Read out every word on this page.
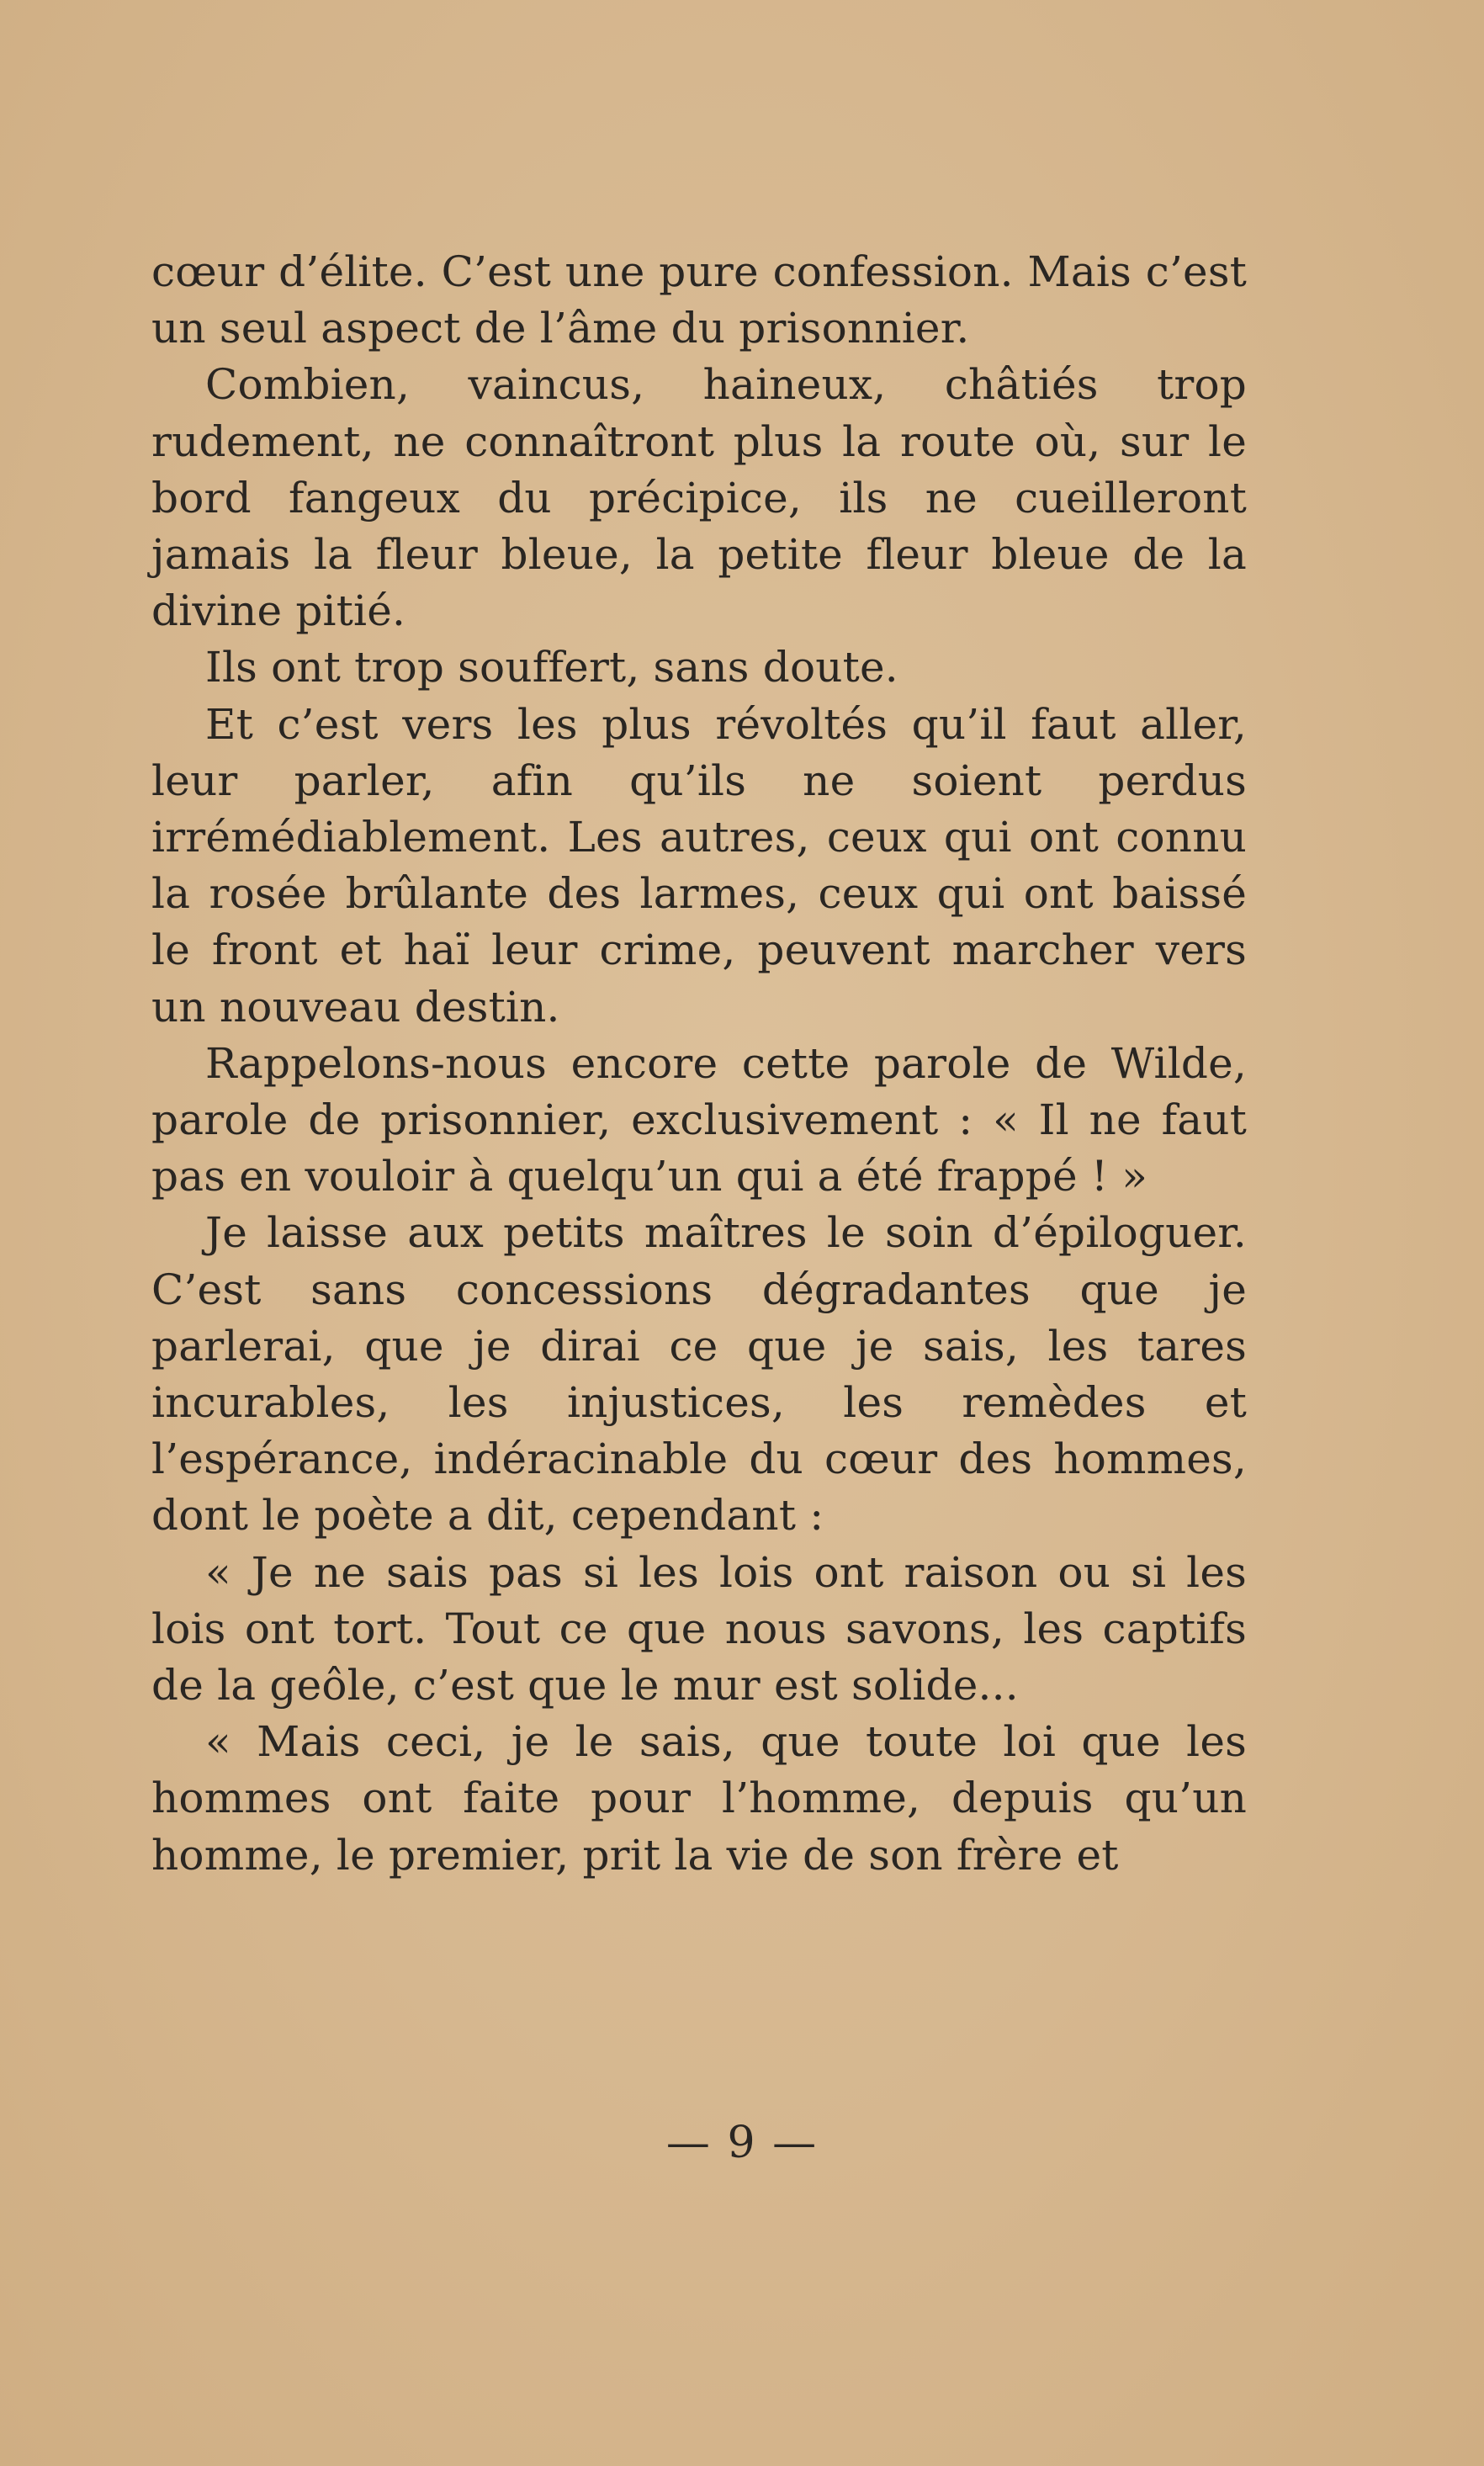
cœur d’élite. C’est une pure confession. Mais c’est un seul aspect de l’âme du prisonnier.

Combien, vaincus, haineux, châtiés trop rudement, ne connaîtront plus la route où, sur le bord fangeux du précipice, ils ne cueilleront jamais la fleur bleue, la petite fleur bleue de la divine pitié.

Ils ont trop souffert, sans doute.

Et c’est vers les plus révoltés qu’il faut aller, leur parler, afin qu’ils ne soient perdus irrémédiablement. Les autres, ceux qui ont connu la rosée brûlante des larmes, ceux qui ont baissé le front et haï leur crime, peuvent marcher vers un nouveau destin.

Rappelons-nous encore cette parole de Wilde, parole de prisonnier, exclusivement : « Il ne faut pas en vouloir à quelqu’un qui a été frappé ! »

Je laisse aux petits maîtres le soin d’épiloguer. C’est sans concessions dégradantes que je parlerai, que je dirai ce que je sais, les tares incurables, les injustices, les remèdes et l’espérance, indéracinable du cœur des hommes, dont le poète a dit, cependant :

« Je ne sais pas si les lois ont raison ou si les lois ont tort. Tout ce que nous savons, les captifs de la geôle, c’est que le mur est solide...

« Mais ceci, je le sais, que toute loi que les hommes ont faite pour l’homme, depuis qu’un homme, le premier, prit la vie de son frère et

— 9 —
